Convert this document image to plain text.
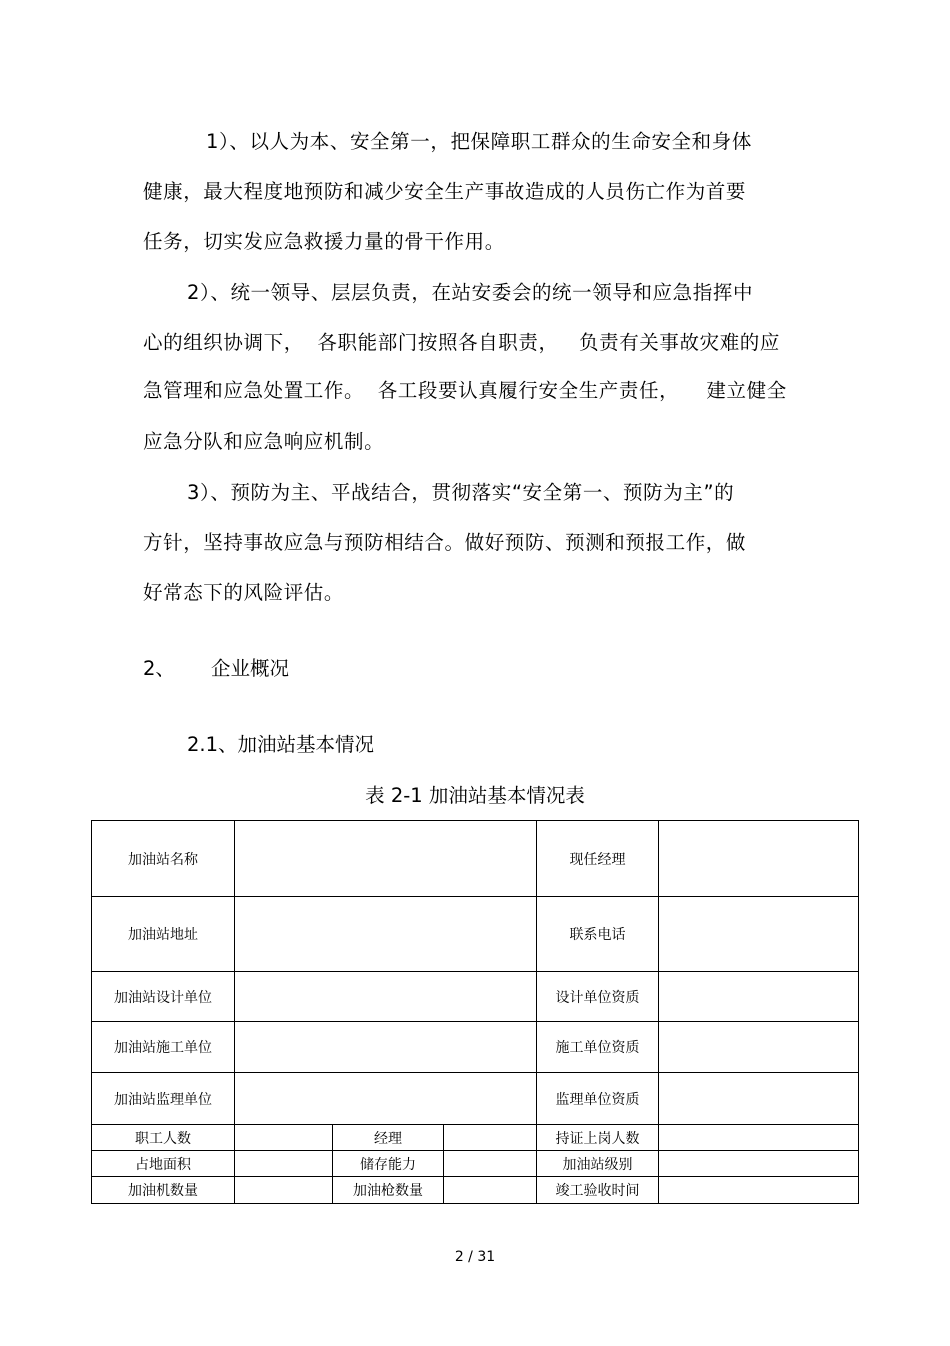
1）、以人为本、安全第一，把保障职工群众的生命安全和身体
健康，最大程度地预防和减少安全生产事故造成的人员伤亡作为首要
任务，切实发应急救援力量的骨干作用。
2）、统一领导、层层负责，在站安委会的统一领导和应急指挥中
心的组织协调下，  各职能部门按照各自职责，   负责有关事故灾难的应
急管理和应急处置工作。  各工段要认真履行安全生产责任，    建立健全
应急分队和应急响应机制。
3）、预防为主、平战结合，贯彻落实“安全第一、预防为主”的
方针，坚持事故应急与预防相结合。做好预防、预测和预报工作，做
好常态下的风险评估。
2、 企业概况
2.1、加油站基本情况
表 2-1 加油站基本情况表
加油站名称				现任经理	
加油站地址				联系电话	
加油站设计单位				设计单位资质	
加油站施工单位				施工单位资质	
加油站监理单位				监理单位资质	
职工人数		经理		持证上岗人数	
占地面积		储存能力		加油站级别	
加油机数量		加油枪数量		竣工验收时间	
2 / 31
